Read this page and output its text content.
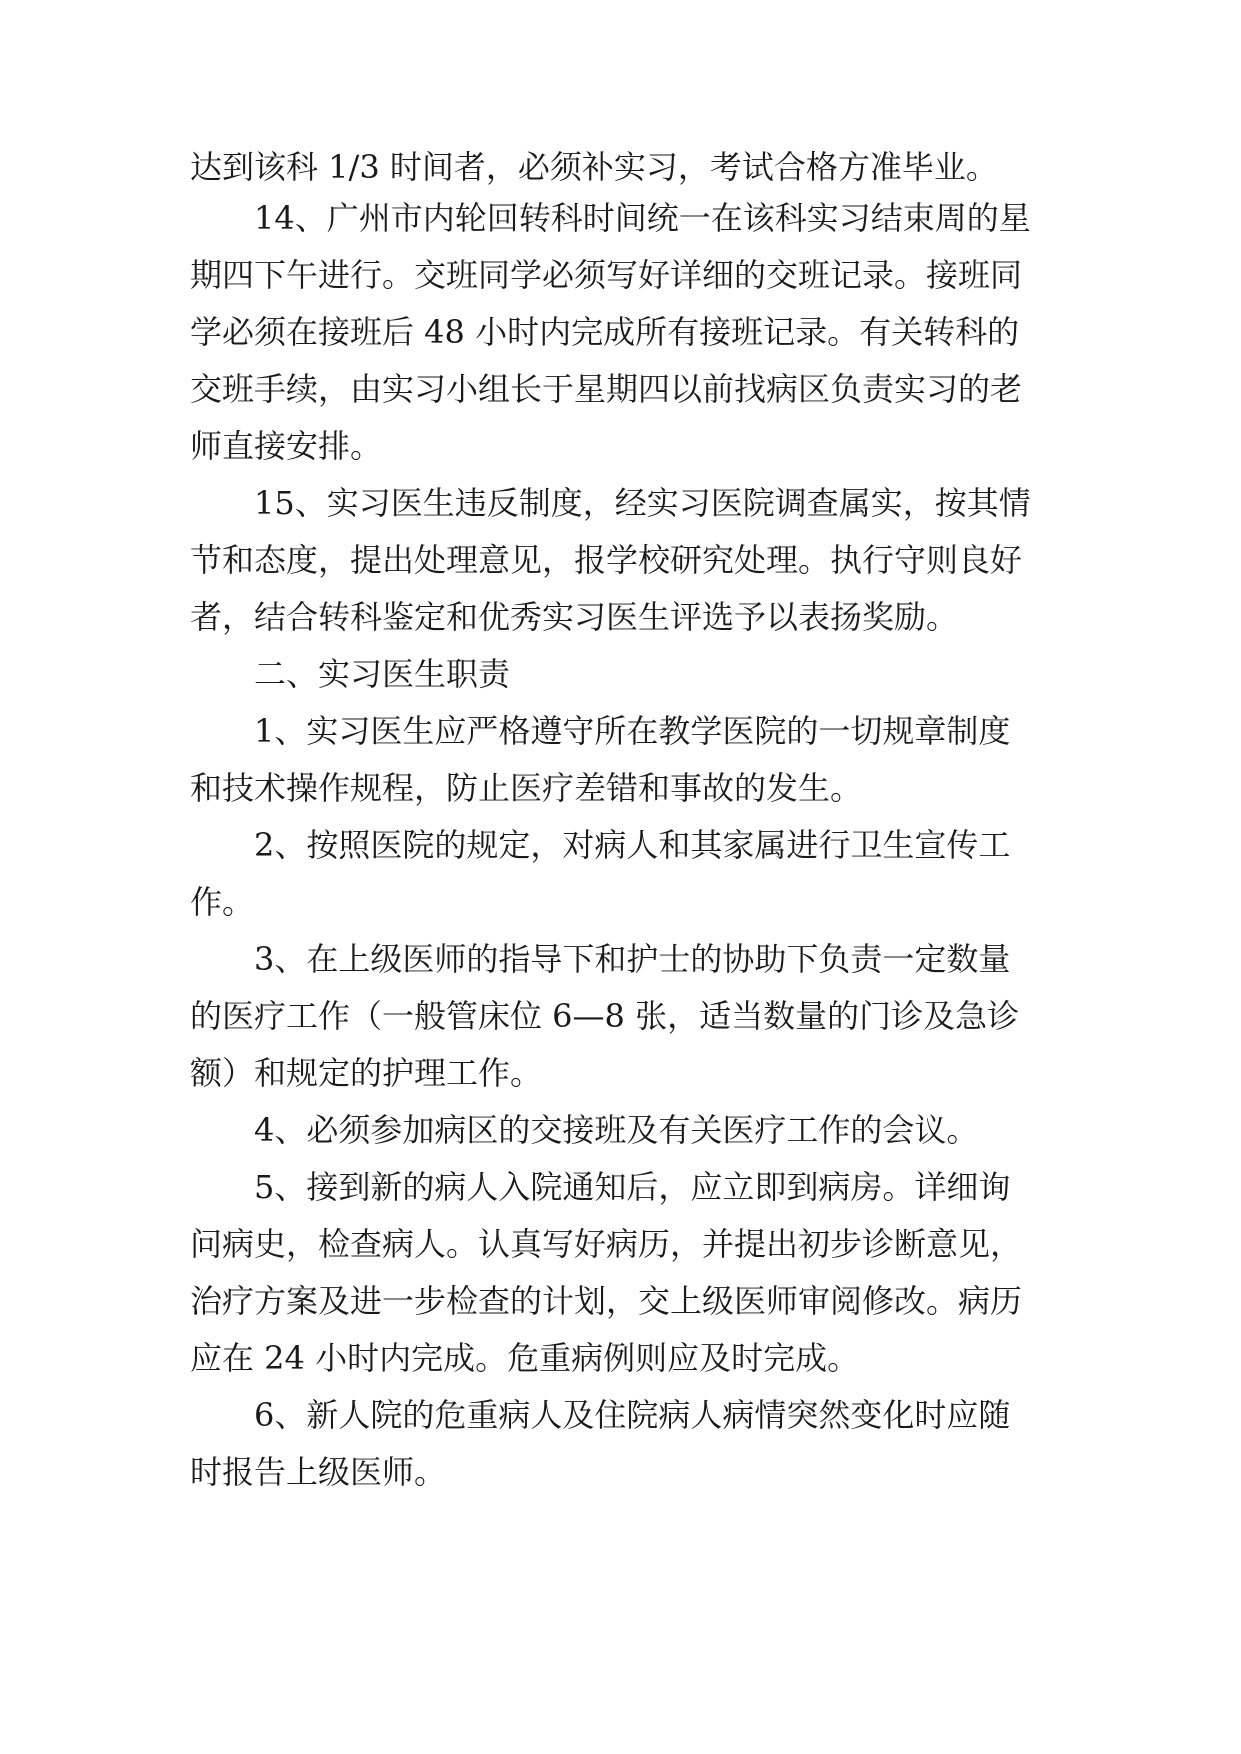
达到该科 1/3 时间者，必须补实习，考试合格方准毕业。
14、广州市内轮回转科时间统一在该科实习结束周的星
期四下午进行。交班同学必须写好详细的交班记录。接班同
学必须在接班后 48 小时内完成所有接班记录。有关转科的
交班手续，由实习小组长于星期四以前找病区负责实习的老
师直接安排。
15、实习医生违反制度，经实习医院调查属实，按其情
节和态度，提出处理意见，报学校研究处理。执行守则良好
者，结合转科鉴定和优秀实习医生评选予以表扬奖励。
二、实习医生职责
1、实习医生应严格遵守所在教学医院的一切规章制度
和技术操作规程，防止医疗差错和事故的发生。
2、按照医院的规定，对病人和其家属进行卫生宣传工
作。
3、在上级医师的指导下和护士的协助下负责一定数量
的医疗工作（一般管床位 6—8 张，适当数量的门诊及急诊
额）和规定的护理工作。
4、必须参加病区的交接班及有关医疗工作的会议。
5、接到新的病人入院通知后，应立即到病房。详细询
问病史，检查病人。认真写好病历，并提出初步诊断意见，
治疗方案及进一步检查的计划，交上级医师审阅修改。病历
应在 24 小时内完成。危重病例则应及时完成。
6、新人院的危重病人及住院病人病情突然变化时应随
时报告上级医师。
